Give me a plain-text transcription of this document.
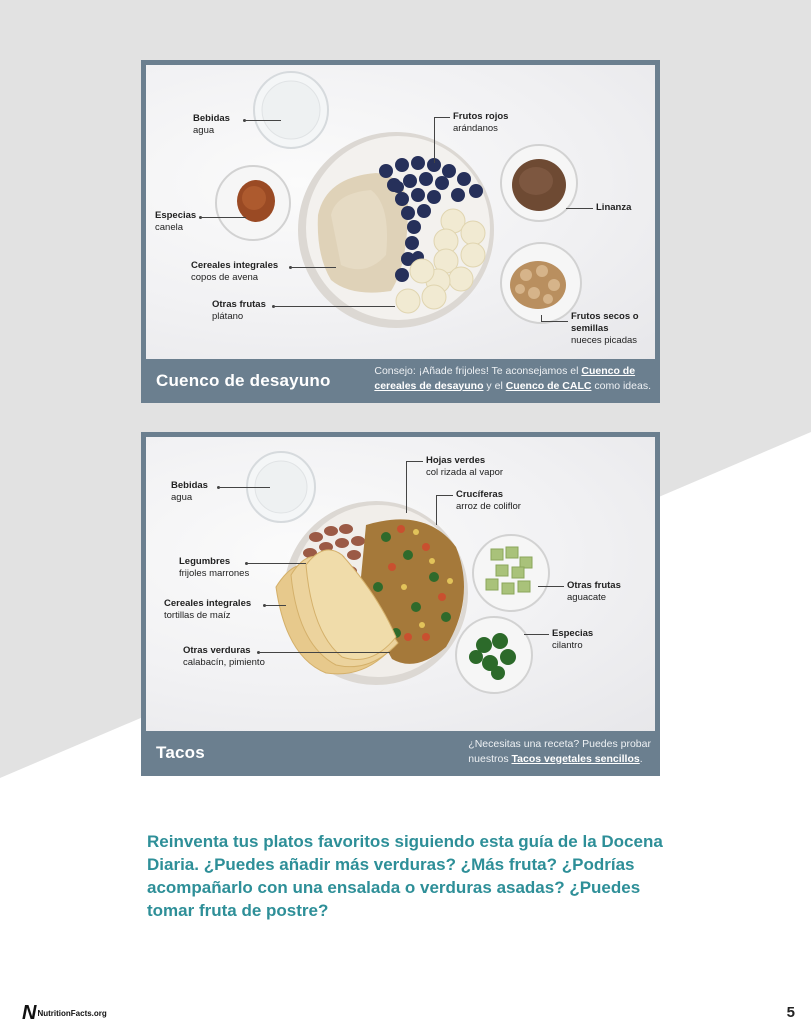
Bebidas
agua
Especias
canela
Cereales integrales
copos de avena
Otras frutas
plátano
Frutos rojos
arándanos
Linanza
Frutos secos o
semillas
nueces picadas
Cuenco de desayuno	Consejo: ¡Añade frijoles! Te aconsejamos el Cuenco de
cereales de desayuno y el Cuenco de CALC como ideas.
Bebidas
agua
Legumbres
frijoles marrones
Cereales integrales
tortillas de maíz
Otras verduras
calabacín, pimiento
Hojas verdes
col rizada al vapor
Crucíferas
arroz de coliflor
Otras frutas
aguacate
Especias
cilantro
Tacos	¿Necesitas una receta? Puedes probar
nuestros Tacos vegetales sencillos.
Reinventa tus platos favoritos siguiendo esta guía de la Docena Diaria. ¿Puedes añadir más verduras? ¿Más fruta? ¿Podrías acompañarlo con una ensalada o verduras asadas? ¿Puedes tomar fruta de postre?
N NutritionFacts.org	5
